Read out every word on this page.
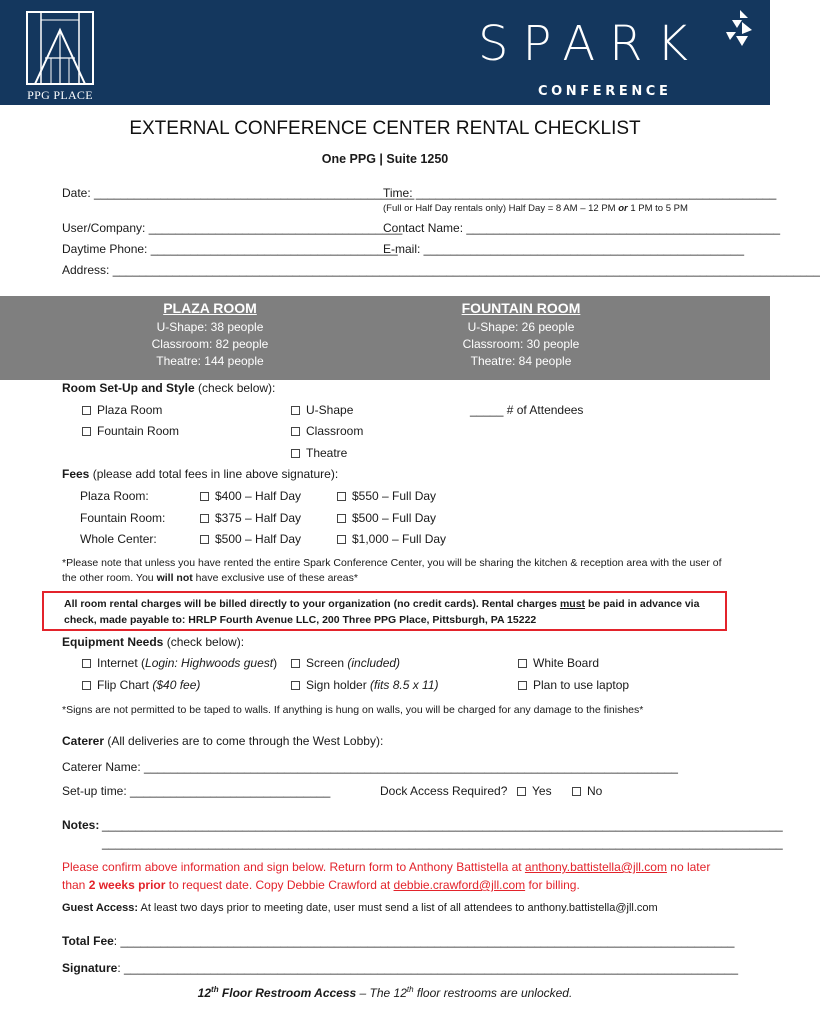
PPG PLACE
SPARK
CONFERENCE
EXTERNAL CONFERENCE CENTER RENTAL CHECKLIST
One PPG | Suite 1250
Date: ________________________________________________
Time: ______________________________________________________
(Full or Half Day rentals only) Half Day = 8 AM – 12 PM or 1 PM to 5 PM
User/Company: ______________________________________
Contact Name: _______________________________________________
Daytime Phone: _____________________________________
E-mail: ________________________________________________
Address: __________________________________________________________________________________________________________
PLAZA ROOM
U-Shape: 38 people
Classroom: 82 people
Theatre: 144 people
FOUNTAIN ROOM
U-Shape: 26 people
Classroom: 30 people
Theatre: 84 people
Room Set-Up and Style (check below):
Plaza Room
Fountain Room
U-Shape
Classroom
Theatre
_____ # of Attendees
Fees (please add total fees in line above signature):
Plaza Room:	$400 – Half Day	$550 – Full Day
Fountain Room:	$375 – Half Day	$500 – Full Day
Whole Center:	$500 – Half Day	$1,000 – Full Day
*Please note that unless you have rented the entire Spark Conference Center, you will be sharing the kitchen & reception area with the user of the other room. You will not have exclusive use of these areas*
All room rental charges will be billed directly to your organization (no credit cards). Rental charges must be paid in advance via check, made payable to: HRLP Fourth Avenue LLC, 200 Three PPG Place, Pittsburgh, PA 15222
Equipment Needs (check below):
Internet (Login: Highwoods guest)	Screen (included)	White Board
Flip Chart ($40 fee)	Sign holder (fits 8.5 x 11)	Plan to use laptop
*Signs are not permitted to be taped to walls. If anything is hung on walls, you will be charged for any damage to the finishes*
Caterer (All deliveries are to come through the West Lobby):
Caterer Name: ________________________________________________________________________________
Set-up time: ______________________________	Dock Access Required?	Yes	No
Notes: ______________________________________________________________________________________________________
______________________________________________________________________________________________________
Please confirm above information and sign below. Return form to Anthony Battistella at anthony.battistella@jll.com no later than 2 weeks prior to request date. Copy Debbie Crawford at debbie.crawford@jll.com for billing.
Guest Access: At least two days prior to meeting date, user must send a list of all attendees to anthony.battistella@jll.com
Total Fee: ____________________________________________________________________________________________
Signature: ____________________________________________________________________________________________
12th Floor Restroom Access – The 12th floor restrooms are unlocked.
